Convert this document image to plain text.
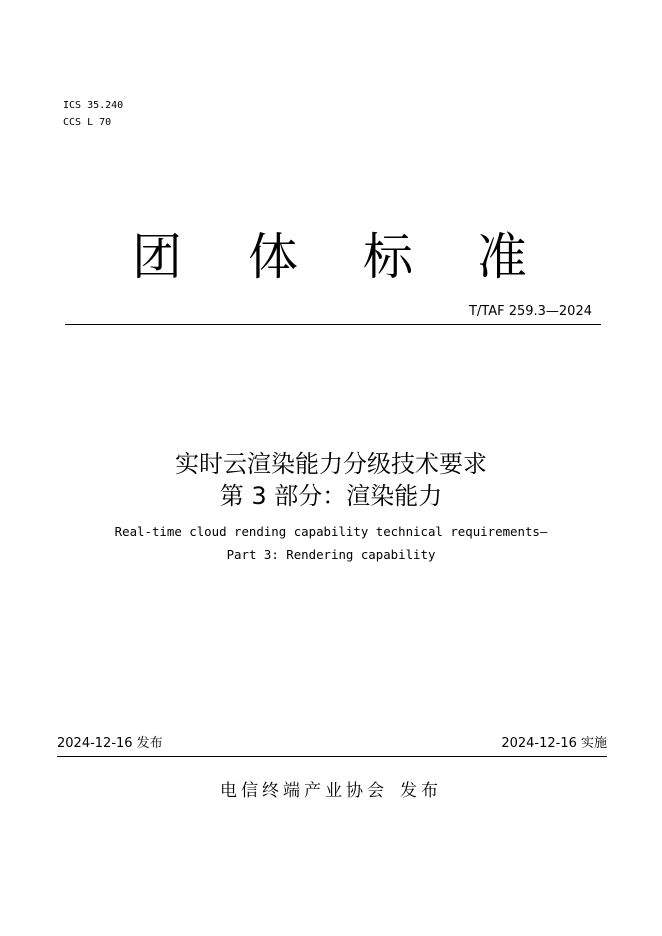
ICS 35.240
CCS L 70
团 体 标 准
T/TAF 259.3—2024
实时云渲染能力分级技术要求
第 3 部分：渲染能力
Real-time cloud rending capability technical requirements—
Part 3: Rendering capability
2024-12-16 发布	2024-12-16 实施
电信终端产业协会 发布
